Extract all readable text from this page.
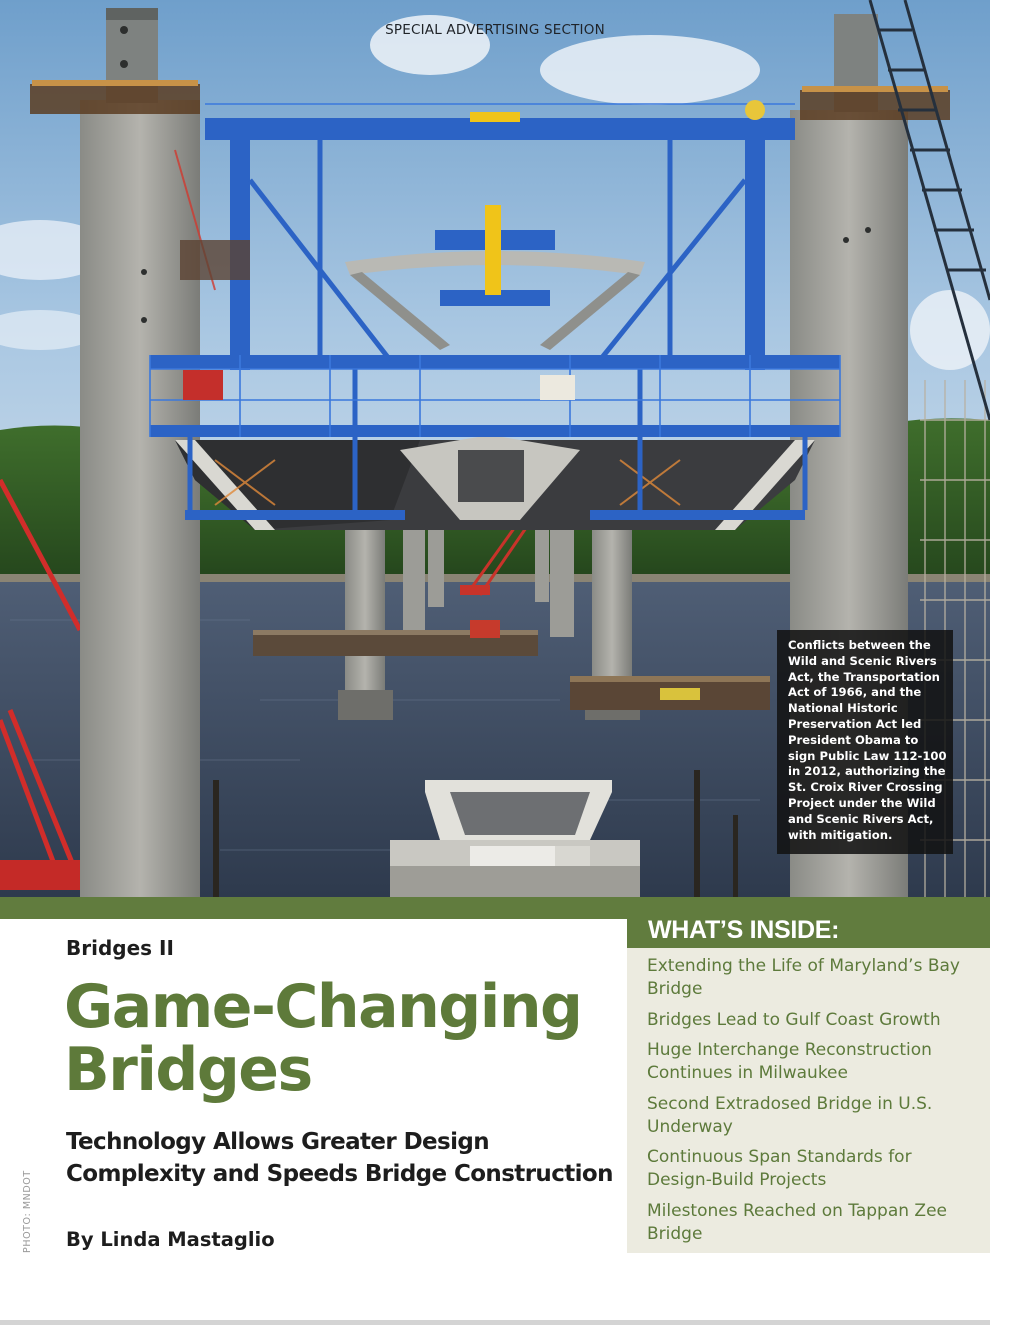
SPECIAL ADVERTISING SECTION
Conflicts between the Wild and Scenic Rivers Act, the Transportation Act of 1966, and the National Historic Preservation Act led President Obama to sign Public Law 112-100 in 2012, authorizing the St. Croix River Crossing Project under the Wild and Scenic Rivers Act, with mitigation.
WHAT’S INSIDE:
Extending the Life of Maryland’s Bay Bridge
Bridges Lead to Gulf Coast Growth
Huge Interchange Reconstruction Continues in Milwaukee
Second Extradosed Bridge in U.S. Underway
Continuous Span Standards for Design-Build Projects
Milestones Reached on Tappan Zee Bridge
Bridges II
Game-Changing Bridges
Technology Allows Greater Design Complexity and Speeds Bridge Construction
By Linda Mastaglio
PHOTO: MNDOT
